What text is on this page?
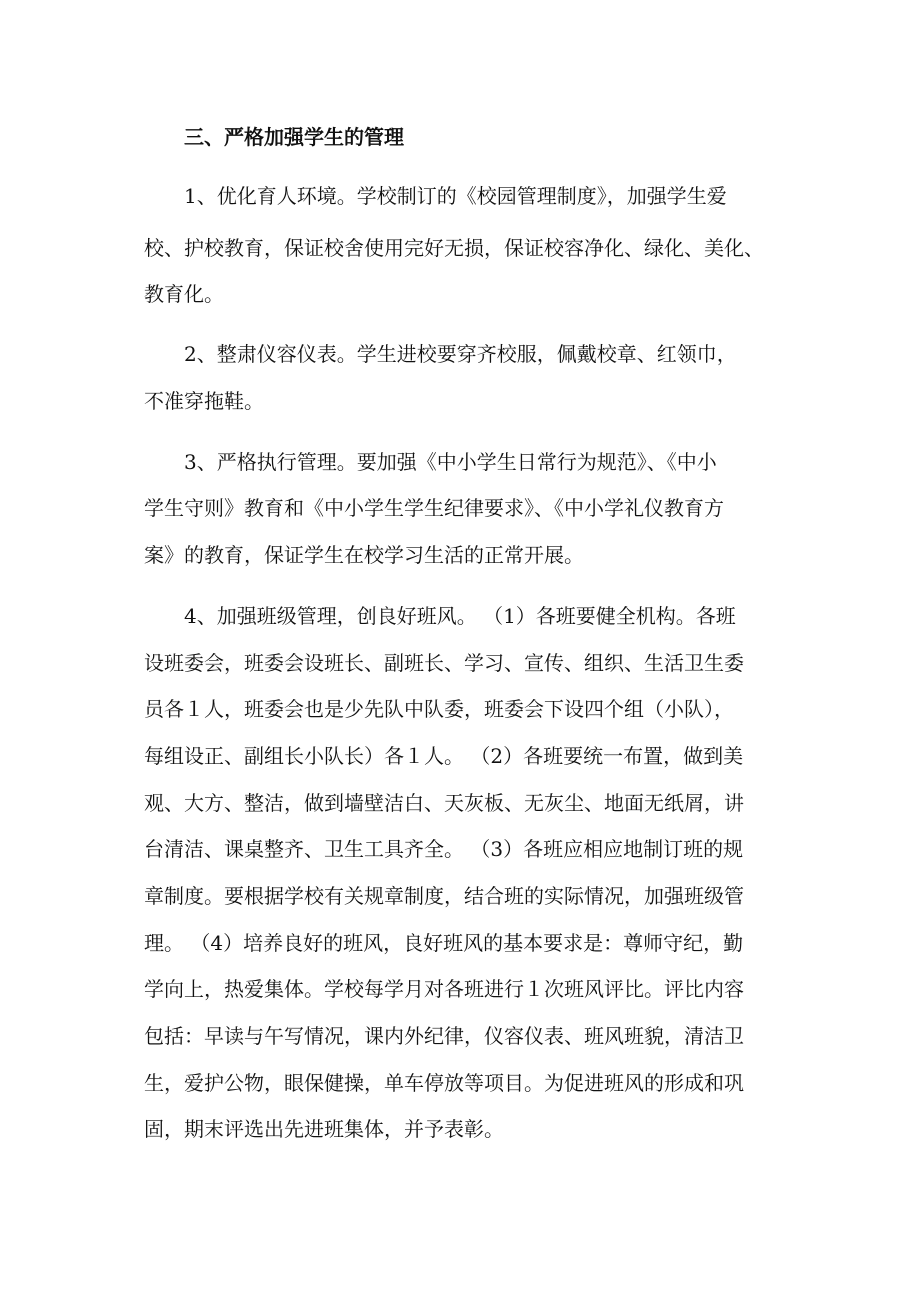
三、严格加强学生的管理
1、优化育人环境。学校制订的《校园管理制度》，加强学生爱
校、护校教育，保证校舍使用完好无损，保证校容净化、绿化、美化、
教育化。
2、整肃仪容仪表。学生进校要穿齐校服，佩戴校章、红领巾，
不准穿拖鞋。
3、严格执行管理。要加强《中小学生日常行为规范》、《中小
学生守则》教育和《中小学生学生纪律要求》、《中小学礼仪教育方
案》的教育，保证学生在校学习生活的正常开展。
4、加强班级管理，创良好班风。 （1）各班要健全机构。各班
设班委会，班委会设班长、副班长、学习、宣传、组织、生活卫生委
员各１人，班委会也是少先队中队委，班委会下设四个组（小队），
每组设正、副组长小队长）各１人。 （2）各班要统一布置，做到美
观、大方、整洁，做到墙壁洁白、天灰板、无灰尘、地面无纸屑，讲
台清洁、课桌整齐、卫生工具齐全。 （3）各班应相应地制订班的规
章制度。要根据学校有关规章制度，结合班的实际情况，加强班级管
理。 （4）培养良好的班风，良好班风的基本要求是：尊师守纪，勤
学向上，热爱集体。学校每学月对各班进行１次班风评比。评比内容
包括：早读与午写情况，课内外纪律，仪容仪表、班风班貌，清洁卫
生，爱护公物，眼保健操，单车停放等项目。为促进班风的形成和巩
固，期末评选出先进班集体，并予表彰。
